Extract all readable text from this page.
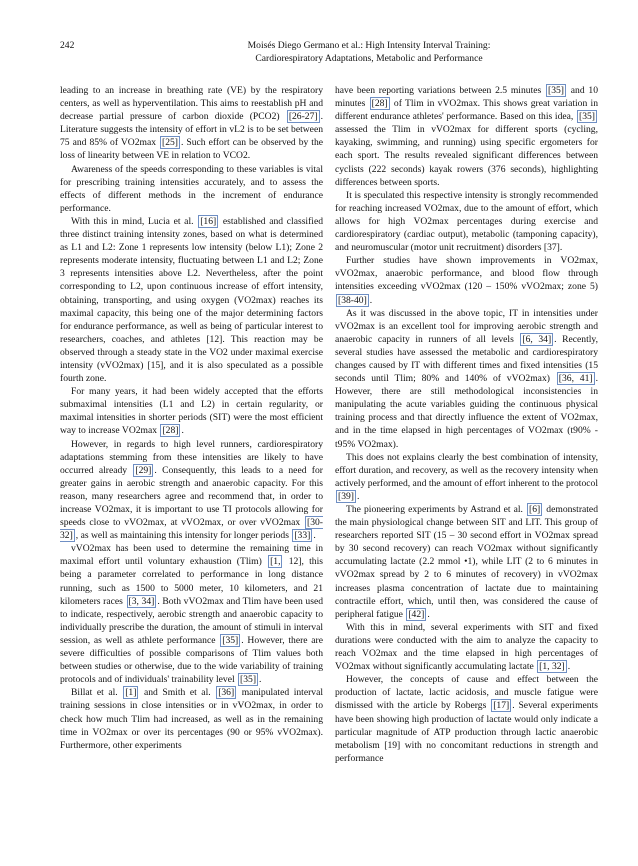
242	Moisés Diego Germano et al.: High Intensity Interval Training:
Cardiorespiratory Adaptations, Metabolic and Performance

leading to an increase in breathing rate (VE) by the respiratory centers, as well as hyperventilation. This aims to reestablish pH and decrease partial pressure of carbon dioxide (PCO2) [26-27] . Literature suggests the intensity of effort in vL2 is to be set between 75 and 85% of VO2max [25] . Such effort can be observed by the loss of linearity between VE in relation to VCO2.

Awareness of the speeds corresponding to these variables is vital for prescribing training intensities accurately, and to assess the effects of different methods in the increment of endurance performance.

With this in mind, Lucia et al. [16] established and classified three distinct training intensity zones, based on what is determined as L1 and L2: Zone 1 represents low intensity (below L1); Zone 2 represents moderate intensity, fluctuating between L1 and L2; Zone 3 represents intensities above L2. Nevertheless, after the point corresponding to L2, upon continuous increase of effort intensity, obtaining, transporting, and using oxygen (VO2max) reaches its maximal capacity, this being one of the major determining factors for endurance performance, as well as being of particular interest to researchers, coaches, and athletes [12]. This reaction may be observed through a steady state in the VO2 under maximal exercise intensity (vVO2max) [15], and it is also speculated as a possible fourth zone.

For many years, it had been widely accepted that the efforts submaximal intensities (L1 and L2) in certain regularity, or maximal intensities in shorter periods (SIT) were the most efficient way to increase VO2max [28] .

However, in regards to high level runners, cardiorespiratory adaptations stemming from these intensities are likely to have occurred already [29] . Consequently, this leads to a need for greater gains in aerobic strength and anaerobic capacity. For this reason, many researchers agree and recommend that, in order to increase VO2max, it is important to use TI protocols allowing for speeds close to vVO2max, at vVO2max, or over vVO2max [30-32] , as well as maintaining this intensity for longer periods [33] .

vVO2max has been used to determine the remaining time in maximal effort until voluntary exhaustion (Tlim) [1, 12], this being a parameter correlated to performance in long distance running, such as 1500 to 5000 meter, 10 kilometers, and 21 kilometers races [3, 34] . Both vVO2max and Tlim have been used to indicate, respectively, aerobic strength and anaerobic capacity to individually prescribe the duration, the amount of stimuli in interval session, as well as athlete performance [35] . However, there are severe difficulties of possible comparisons of Tlim values both between studies or otherwise, due to the wide variability of training protocols and of individuals' trainability level [35] .

Billat et al. [1] and Smith et al. [36] manipulated interval training sessions in close intensities or in vVO2max, in order to check how much Tlim had increased, as well as in the remaining time in VO2max or over its percentages (90 or 95% vVO2max). Furthermore, other experiments

have been reporting variations between 2.5 minutes [35] and 10 minutes [28] of Tlim in vVO2max. This shows great variation in different endurance athletes' performance. Based on this idea, [35] assessed the Tlim in vVO2max for different sports (cycling, kayaking, swimming, and running) using specific ergometers for each sport. The results revealed significant differences between cyclists (222 seconds) kayak rowers (376 seconds), highlighting differences between sports.

It is speculated this respective intensity is strongly recommended for reaching increased VO2max, due to the amount of effort, which allows for high VO2max percentages during exercise and cardiorespiratory (cardiac output), metabolic (tamponing capacity), and neuromuscular (motor unit recruitment) disorders [37].

Further studies have shown improvements in VO2max, vVO2max, anaerobic performance, and blood flow through intensities exceeding vVO2max (120 – 150% vVO2max; zone 5) [38-40] .

As it was discussed in the above topic, IT in intensities under vVO2max is an excellent tool for improving aerobic strength and anaerobic capacity in runners of all levels [6, 34] . Recently, several studies have assessed the metabolic and cardiorespiratory changes caused by IT with different times and fixed intensities (15 seconds until Tlim; 80% and 140% of vVO2max) [36, 41] . However, there are still methodological inconsistencies in manipulating the acute variables guiding the continuous physical training process and that directly influence the extent of VO2max, and in the time elapsed in high percentages of VO2max (t90% - t95% VO2max).

This does not explains clearly the best combination of intensity, effort duration, and recovery, as well as the recovery intensity when actively performed, and the amount of effort inherent to the protocol [39] .

The pioneering experiments by Astrand et al. [6] demonstrated the main physiological change between SIT and LIT. This group of researchers reported SIT (15 – 30 second effort in VO2max spread by 30 second recovery) can reach VO2max without significantly accumulating lactate (2.2 mmol •1), while LIT (2 to 6 minutes in vVO2max spread by 2 to 6 minutes of recovery) in vVO2max increases plasma concentration of lactate due to maintaining contractile effort, which, until then, was considered the cause of peripheral fatigue [42] .

With this in mind, several experiments with SIT and fixed durations were conducted with the aim to analyze the capacity to reach VO2max and the time elapsed in high percentages of VO2max without significantly accumulating lactate [1, 32] .

However, the concepts of cause and effect between the production of lactate, lactic acidosis, and muscle fatigue were dismissed with the article by Robergs [17] . Several experiments have been showing high production of lactate would only indicate a particular magnitude of ATP production through lactic anaerobic metabolism [19] with no concomitant reductions in strength and performance
